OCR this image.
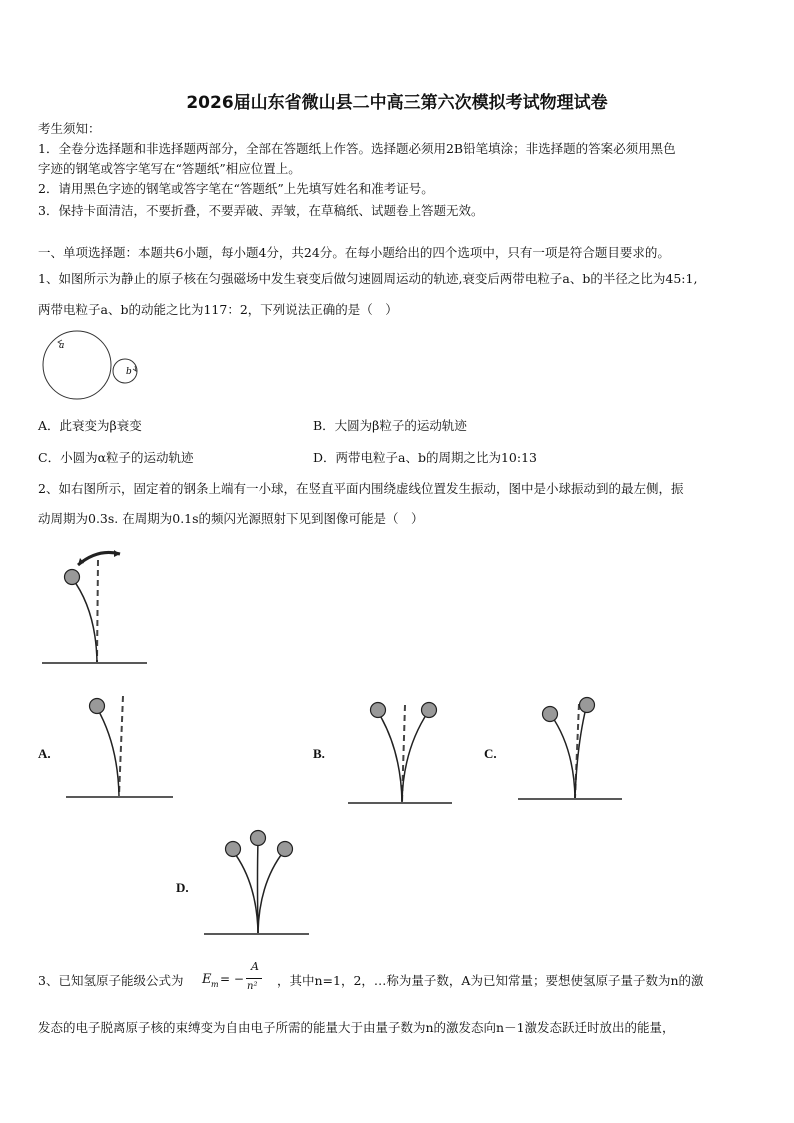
2026届山东省微山县二中高三第六次模拟考试物理试卷
考生须知：
1．全卷分选择题和非选择题两部分，全部在答题纸上作答。选择题必须用2B铅笔填涂；非选择题的答案必须用黑色
字迹的钢笔或答字笔写在“答题纸”相应位置上。
2．请用黑色字迹的钢笔或答字笔在“答题纸”上先填写姓名和准考证号。
3．保持卡面清洁，不要折叠，不要弄破、弄皱，在草稿纸、试题卷上答题无效。
一、单项选择题：本题共6小题，每小题4分，共24分。在每小题给出的四个选项中，只有一项是符合题目要求的。
1、如图所示为静止的原子核在匀强磁场中发生衰变后做匀速圆周运动的轨迹,衰变后两带电粒子a、b的半径之比为45:1,
两带电粒子a、b的动能之比为117：2，下列说法正确的是（　）
a
b
A．此衰变为β衰变	B．大圆为β粒子的运动轨迹
C．小圆为α粒子的运动轨迹	D．两带电粒子a、b的周期之比为10:13
2、如右图所示，固定着的钢条上端有一小球，在竖直平面内围绕虚线位置发生振动，图中是小球振动到的最左侧，振
动周期为0.3s. 在周期为0.1s的频闪光源照射下见到图像可能是（　）
A.	B.	C.
D.
3、已知氢原子能级公式为 E m = −
A
n² ，其中n=1，2，…称为量子数，A为已知常量；要想使氢原子量子数为n的激
发态的电子脱离原子核的束缚变为自由电子所需的能量大于由量子数为n的激发态向n－1激发态跃迁时放出的能量，
